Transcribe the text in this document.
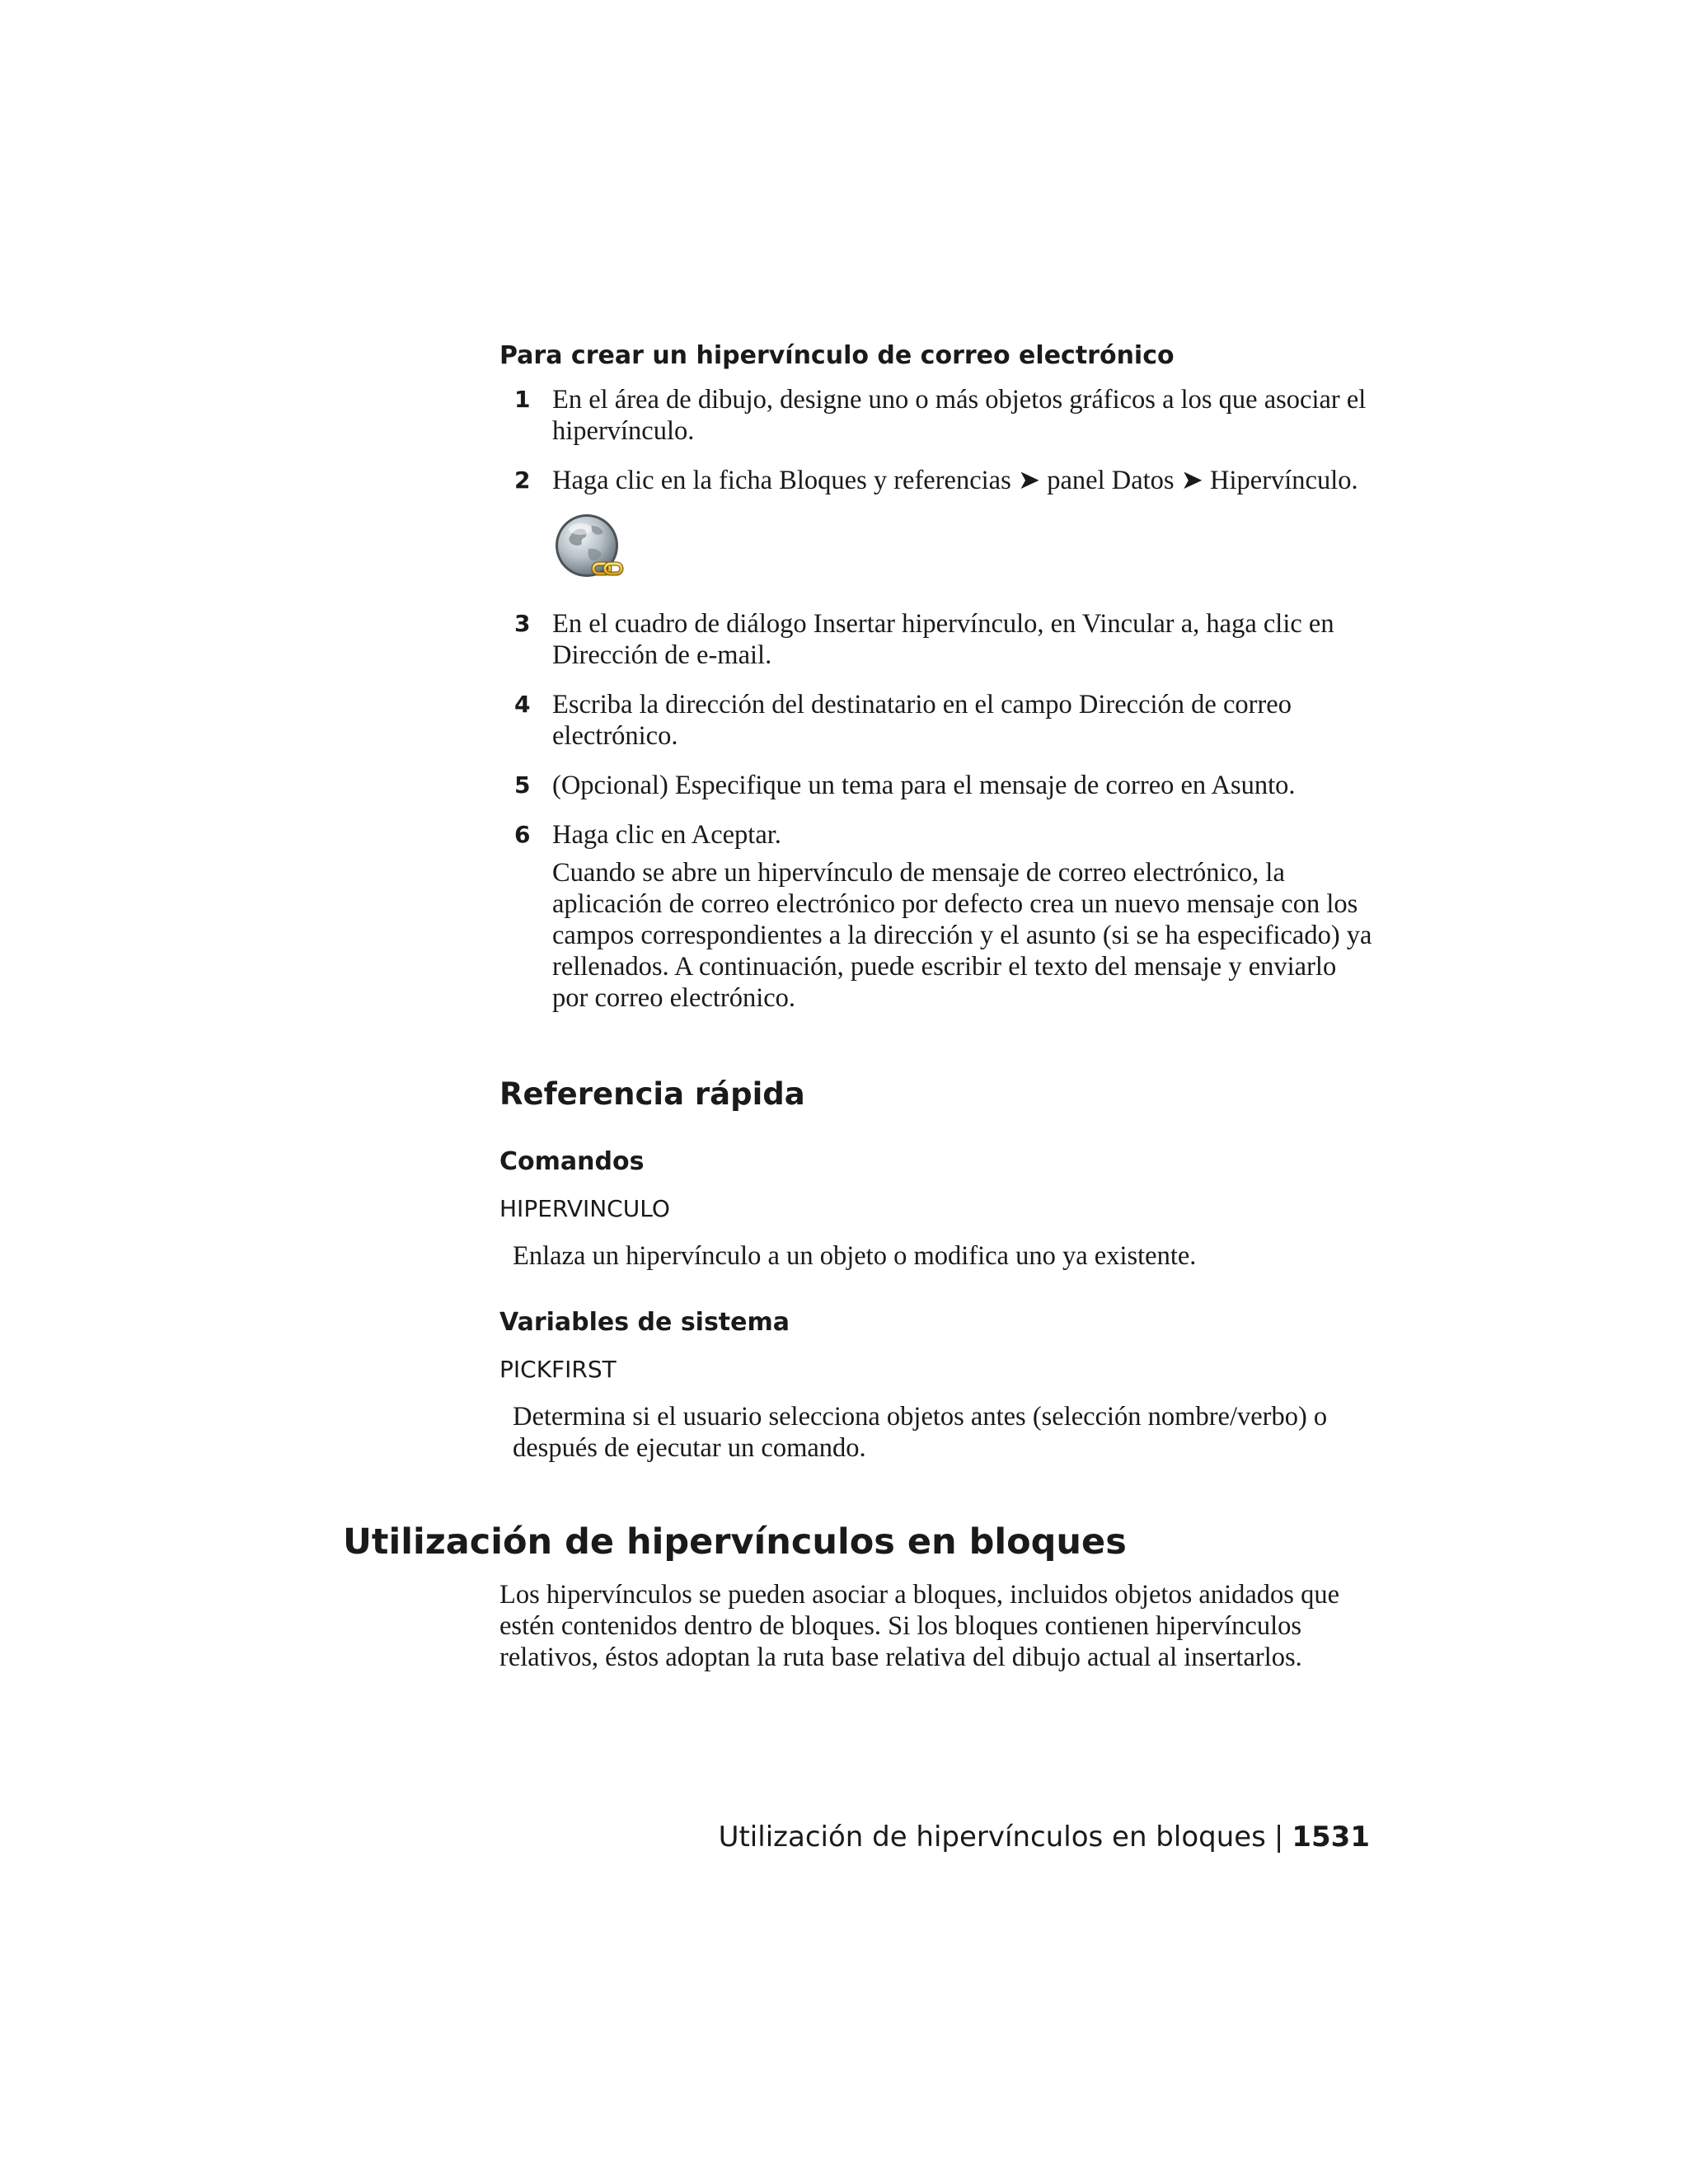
Para crear un hipervínculo de correo electrónico
1 En el área de dibujo, designe uno o más objetos gráficos a los que asociar el hipervínculo.
2 Haga clic en la ficha Bloques y referencias ➤ panel Datos ➤ Hipervínculo.
3 En el cuadro de diálogo Insertar hipervínculo, en Vincular a, haga clic en Dirección de e-mail.
4 Escriba la dirección del destinatario en el campo Dirección de correo electrónico.
5 (Opcional) Especifique un tema para el mensaje de correo en Asunto.
6 Haga clic en Aceptar.
Cuando se abre un hipervínculo de mensaje de correo electrónico, la aplicación de correo electrónico por defecto crea un nuevo mensaje con los campos correspondientes a la dirección y el asunto (si se ha especificado) ya rellenados. A continuación, puede escribir el texto del mensaje y enviarlo por correo electrónico.
Referencia rápida
Comandos
HIPERVINCULO

Enlaza un hipervínculo a un objeto o modifica uno ya existente.

Variables de sistema
PICKFIRST

Determina si el usuario selecciona objetos antes (selección nombre/verbo) o después de ejecutar un comando.

Utilización de hipervínculos en bloques

Los hipervínculos se pueden asociar a bloques, incluidos objetos anidados que estén contenidos dentro de bloques. Si los bloques contienen hipervínculos relativos, éstos adoptan la ruta base relativa del dibujo actual al insertarlos.

Utilización de hipervínculos en bloques | 1531
